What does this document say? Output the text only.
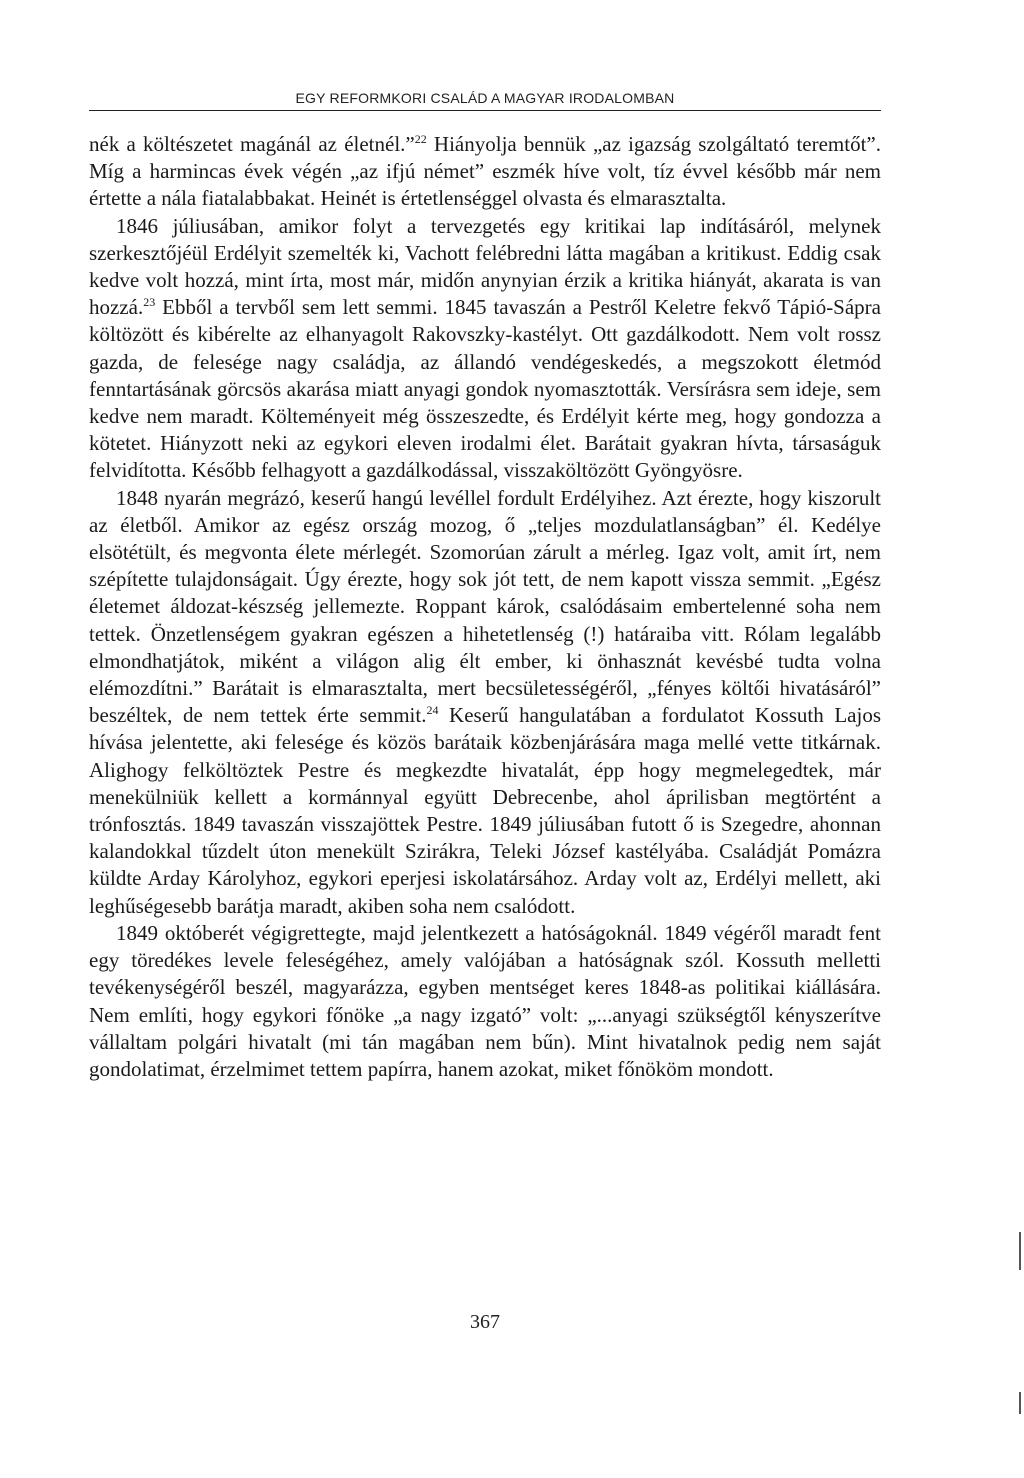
EGY REFORMKORI CSALÁD A MAGYAR IRODALOMBAN

nék a költészetet magánál az életnél.”$^{22}$ Hiányolja bennük „az igazság szolgáltató teremtőt”. Míg a harmincas évek végén „az ifjú német” eszmék híve volt, tíz évvel később már nem értette a nála fiatalabbakat. Heinét is értetlenséggel olvasta és elmarasztalta.

1846 júliusában, amikor folyt a tervezgetés egy kritikai lap indításáról, melynek szerkesztőjéül Erdélyit szemelték ki, Vachott felébredni látta magában a kritikust. Eddig csak kedve volt hozzá, mint írta, most már, midőn anynyian érzik a kritika hiányát, akarata is van hozzá.$^{23}$ Ebből a tervből sem lett semmi. 1845 tavaszán a Pestről Keletre fekvő Tápió-Sápra költözött és kibérelte az elhanyagolt Rakovszky-kastélyt. Ott gazdálkodott. Nem volt rossz gazda, de felesége nagy családja, az állandó vendégeskedés, a megszokott életmód fenntartásának görcsös akarása miatt anyagi gondok nyomasztották. Versírásra sem ideje, sem kedve nem maradt. Költeményeit még összeszedte, és Erdélyit kérte meg, hogy gondozza a kötetet. Hiányzott neki az egykori eleven irodalmi élet. Barátait gyakran hívta, társaságuk felvidította. Később felhagyott a gazdálkodással, visszaköltözött Gyöngyösre.

1848 nyarán megrázó, keserű hangú levéllel fordult Erdélyihez. Azt érezte, hogy kiszorult az életből. Amikor az egész ország mozog, ő „teljes mozdulatlanságban” él. Kedélye elsötétült, és megvonta élete mérlegét. Szomorúan zárult a mérleg. Igaz volt, amit írt, nem szépítette tulajdonságait. Úgy érezte, hogy sok jót tett, de nem kapott vissza semmit. „Egész életemet áldozat-készség jellemezte. Roppant károk, csalódásaim embertelenné soha nem tettek. Önzetlenségem gyakran egészen a hihetetlenség (!) határaiba vitt. Rólam legalább elmondhatjátok, miként a világon alig élt ember, ki önhasznát kevésbé tudta volna elémozdítni.” Barátait is elmarasztalta, mert becsületességéről, „fényes költői hivatásáról” beszéltek, de nem tettek érte semmit.$^{24}$ Keserű hangulatában a fordulatot Kossuth Lajos hívása jelentette, aki felesége és közös barátaik közbenjárására maga mellé vette titkárnak. Alighogy felköltöztek Pestre és megkezdte hivatalát, épp hogy megmelegedtek, már menekülniük kellett a kormánnyal együtt Debrecenbe, ahol áprilisban megtörtént a trónfosztás. 1849 tavaszán visszajöttek Pestre. 1849 júliusában futott ő is Szegedre, ahonnan kalandokkal tűzdelt úton menekült Szirákra, Teleki József kastélyába. Családját Pomázra küldte Arday Károlyhoz, egykori eperjesi iskolatársához. Arday volt az, Erdélyi mellett, aki leghűségesebb barátja maradt, akiben soha nem csalódott.

1849 októberét végigrettegte, majd jelentkezett a hatóságoknál. 1849 végéről maradt fent egy töredékes levele feleségéhez, amely valójában a hatóságnak szól. Kossuth melletti tevékenységéről beszél, magyarázza, egyben mentséget keres 1848-as politikai kiállására. Nem említi, hogy egykori főnöke „a nagy izgató” volt: „...anyagi szükségtől kényszerítve vállaltam polgári hivatalt (mi tán magában nem bűn). Mint hivatalnok pedig nem saját gondolatimat, érzelmimet tettem papírra, hanem azokat, miket főnököm mondott.

367
